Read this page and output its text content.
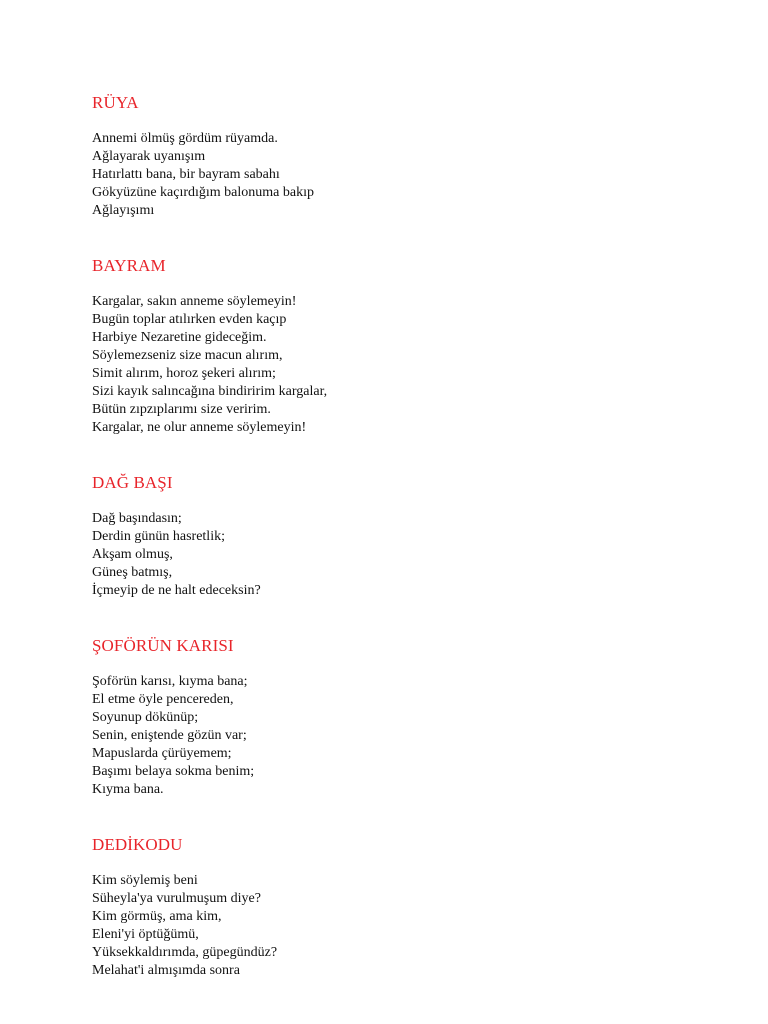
RÜYA
Annemi ölmüş gördüm rüyamda.
Ağlayarak uyanışım
Hatırlattı bana, bir bayram sabahı
Gökyüzüne kaçırdığım balonuma bakıp
Ağlayışımı
BAYRAM
Kargalar, sakın anneme söylemeyin!
Bugün toplar atılırken evden kaçıp
Harbiye Nezaretine gideceğim.
Söylemezseniz size macun alırım,
Simit alırım, horoz şekeri alırım;
Sizi kayık salıncağına bindiririm kargalar,
Bütün zıpzıplarımı size veririm.
Kargalar, ne olur anneme söylemeyin!
DAĞ BAŞI
Dağ başındasın;
Derdin günün hasretlik;
Akşam olmuş,
Güneş batmış,
İçmeyip de ne halt edeceksin?
ŞOFÖRÜN KARISI
Şoförün karısı, kıyma bana;
El etme öyle pencereden,
Soyunup dökünüp;
Senin, eniştende gözün var;
Mapuslarda çürüyemem;
Başımı belaya sokma benim;
Kıyma bana.
DEDİKODU
Kim söylemiş beni
Süheyla'ya vurulmuşum diye?
Kim görmüş, ama kim,
Eleni'yi öptüğümü,
Yüksekkaldırımda, güpegündüz?
Melahat'i almışımda sonra
